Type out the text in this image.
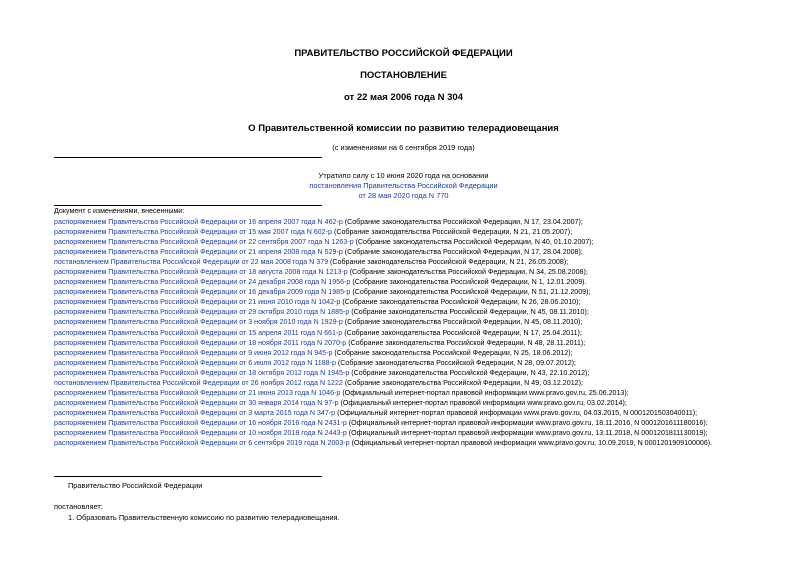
ПРАВИТЕЛЬСТВО РОССИЙСКОЙ ФЕДЕРАЦИИ
ПОСТАНОВЛЕНИЕ
от 22 мая 2006 года N 304
О Правительственной комиссии по развитию телерадиовещания
(с изменениями на 6 сентября 2019 года)
Утратило силу с 10 июня 2020 года на основании
постановления Правительства Российской Федерации
от 28 мая 2020 года N 770
Документ с изменениями, внесенными:
распоряжением Правительства Российской Федерации от 16 апреля 2007 года N 462-р (Собрание законодательства Российской Федерации, N 17, 23.04.2007);
распоряжением Правительства Российской Федерации от 15 мая 2007 года N 602-р (Собрание законодательства Российской Федерации, N 21, 21.05.2007);
распоряжением Правительства Российской Федерации от 22 сентября 2007 года N 1263-р (Собрание законодательства Российской Федерации, N 40, 01.10.2007);
распоряжением Правительства Российской Федерации от 21 апреля 2008 года N 529-р (Собрание законодательства Российской Федерации, N 17, 28.04.2008);
постановлением Правительства Российской Федерации от 22 мая 2008 года N 379 (Собрание законодательства Российской Федерации, N 21, 26.05.2008);
распоряжением Правительства Российской Федерации от 18 августа 2008 года N 1213-р (Собрание законодательства Российской Федерации, N 34, 25.08.2008);
распоряжением Правительства Российской Федерации от 24 декабря 2008 года N 1956-р (Собрание законодательства Российской Федерации, N 1, 12.01.2009).
распоряжением Правительства Российской Федерации от 16 декабря 2009 года N 1985-р (Собрание законодательства Российской Федерации, N 51, 21.12.2009);
распоряжением Правительства Российской Федерации от 21 июня 2010 года N 1042-р (Собрание законодательства Российской Федерации, N 26, 28.06.2010);
распоряжением Правительства Российской Федерации от 29 октября 2010 года N 1885-р (Собрание законодательства Российской Федерации, N 45, 08.11.2010);
распоряжением Правительства Российской Федерации от 3 ноября 2010 года N 1929-р (Собрание законодательства Российской Федерации, N 45, 08.11.2010);
распоряжением Правительства Российской Федерации от 15 апреля 2011 года N 661-р (Собрание законодательства Российской Федерации, N 17, 25.04.2011);
распоряжением Правительства Российской Федерации от 18 ноября 2011 года N 2070-р (Собрание законодательства Российской Федерации, N 48, 28.11.2011);
распоряжением Правительства Российской Федерации от 9 июня 2012 года N 945-р (Собрание законодательства Российской Федерации, N 25, 18.06.2012);
распоряжением Правительства Российской Федерации от 6 июля 2012 года N 1188-р (Собрание законодательства Российской Федерации, N 28, 09.07.2012);
распоряжением Правительства Российской Федерации от 18 октября 2012 года N 1945-р (Собрание законодательства Российской Федерации, N 43, 22.10.2012);
постановлением Правительства Российской Федерации от 26 ноября 2012 года N 1222 (Собрание законодательства Российской Федерации, N 49, 03.12.2012);
распоряжением Правительства Российской Федерации от 21 июня 2013 года N 1046-р (Официальный интернет-портал правовой информации www.pravo.gov.ru, 25.06.2013);
распоряжением Правительства Российской Федерации от 30 января 2014 года N 97-р (Официальный интернет-портал правовой информации www.pravo.gov.ru, 03.02.2014);
распоряжением Правительства Российской Федерации от 3 марта 2015 года N 347-р (Официальный интернет-портал правовой информации www.pravo.gov.ru, 04.03.2015, N 0001201503040011);
распоряжением Правительства Российской Федерации от 16 ноября 2016 года N 2431-р (Официальный интернет-портал правовой информации www.pravo.gov.ru, 18.11.2016, N 0001201611180016);
распоряжением Правительства Российской Федерации от 10 ноября 2018 года N 2443-р (Официальный интернет-портал правовой информации www.pravo.gov.ru, 13.11.2018, N 0001201811130019);
распоряжением Правительства Российской Федерации от 6 сентября 2019 года N 2003-р (Официальный интернет-портал правовой информации www.pravo.gov.ru, 10.09.2019, N 0001201909100006).
Правительство Российской Федерации
постановляет:
1. Образовать Правительственную комиссию по развитию телерадиовещания.
